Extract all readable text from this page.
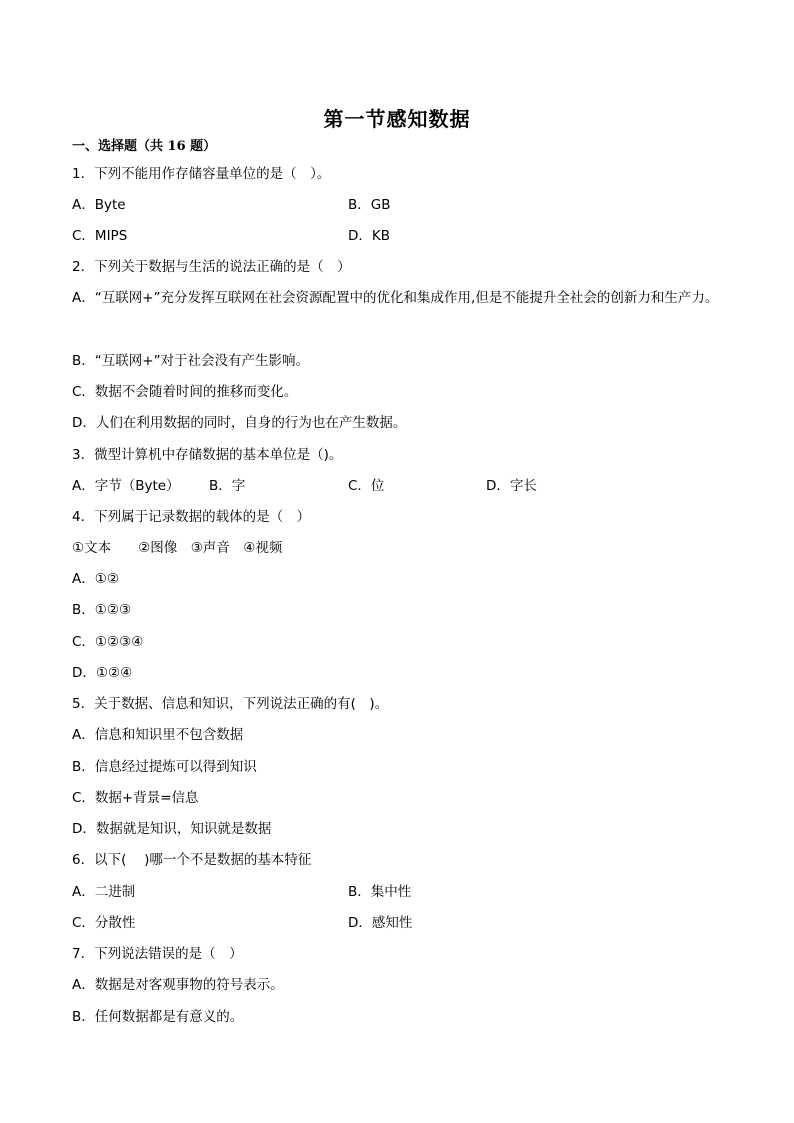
第一节感知数据
一、选择题（共 16 题）
1．下列不能用作存储容量单位的是（　）。
A．Byte	B．GB
C．MIPS	D．KB
2．下列关于数据与生活的说法正确的是（　）
A．“互联网+”充分发挥互联网在社会资源配置中的优化和集成作用,但是不能提升全社会的创新力和生产力。
B．“互联网+”对于社会没有产生影响。
C．数据不会随着时间的推移而变化。
D．人们在利用数据的同时，自身的行为也在产生数据。
3．微型计算机中存储数据的基本单位是（)。
A．字节（Byte） B．字	C．位	D．字长
4．下列属于记录数据的载体的是（　）
①文本　　②图像　③声音　④视频
A．①②
B．①②③
C．①②③④
D．①②④
5．关于数据、信息和知识，下列说法正确的有(　)。
A．信息和知识里不包含数据
B．信息经过提炼可以得到知识
C．数据+背景=信息
D．数据就是知识，知识就是数据
6．以下(　 )哪一个不是数据的基本特征
A．二进制	B．集中性
C．分散性	D．感知性
7．下列说法错误的是（　）
A．数据是对客观事物的符号表示。
B．任何数据都是有意义的。
